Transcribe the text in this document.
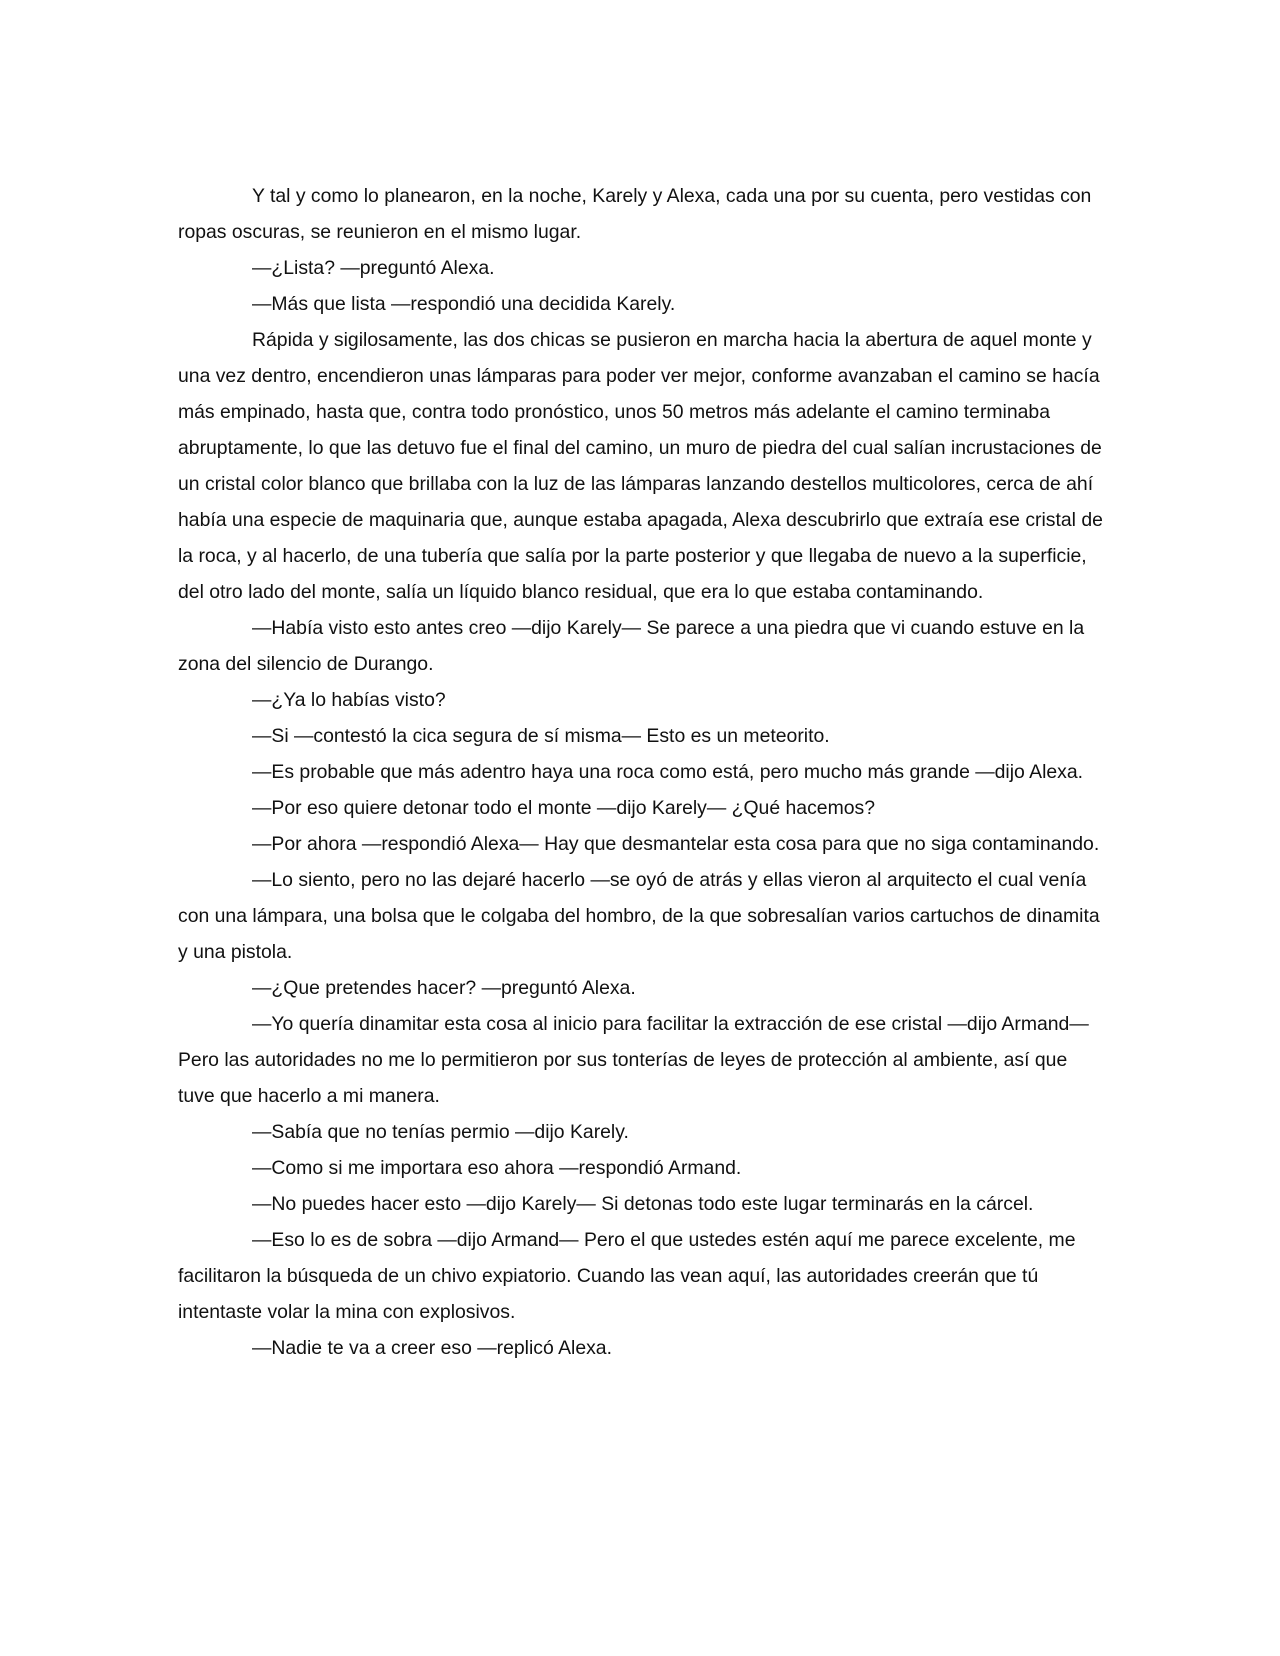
Y tal y como lo planearon, en la noche, Karely y Alexa, cada una por su cuenta, pero vestidas con ropas oscuras, se reunieron en el mismo lugar.

—¿Lista? —preguntó Alexa.

—Más que lista —respondió una decidida Karely.

Rápida y sigilosamente, las dos chicas se pusieron en marcha hacia la abertura de aquel monte y una vez dentro, encendieron unas lámparas para poder ver mejor, conforme avanzaban el camino se hacía más empinado, hasta que, contra todo pronóstico, unos 50 metros más adelante el camino terminaba abruptamente, lo que las detuvo fue el final del camino, un muro de piedra del cual salían incrustaciones de un cristal color blanco que brillaba con la luz de las lámparas lanzando destellos multicolores, cerca de ahí había una especie de maquinaria que, aunque estaba apagada, Alexa descubrirlo que extraía ese cristal de la roca, y al hacerlo, de una tubería que salía por la parte posterior y que llegaba de nuevo a la superficie, del otro lado del monte, salía un líquido blanco residual, que era lo que estaba contaminando.

—Había visto esto antes creo —dijo Karely— Se parece a una piedra que vi cuando estuve en la zona del silencio de Durango.

—¿Ya lo habías visto?

—Si —contestó la cica segura de sí misma— Esto es un meteorito.

—Es probable que más adentro haya una roca como está, pero mucho más grande —dijo Alexa.

—Por eso quiere detonar todo el monte —dijo Karely— ¿Qué hacemos?

—Por ahora —respondió Alexa— Hay que desmantelar esta cosa para que no siga contaminando.

—Lo siento, pero no las dejaré hacerlo —se oyó de atrás y ellas vieron al arquitecto el cual venía con una lámpara, una bolsa que le colgaba del hombro, de la que sobresalían varios cartuchos de dinamita y una pistola.

—¿Que pretendes hacer? —preguntó Alexa.

—Yo quería dinamitar esta cosa al inicio para facilitar la extracción de ese cristal —dijo Armand— Pero las autoridades no me lo permitieron por sus tonterías de leyes de protección al ambiente, así que tuve que hacerlo a mi manera.

—Sabía que no tenías permio —dijo Karely.

—Como si me importara eso ahora —respondió Armand.

—No puedes hacer esto —dijo Karely— Si detonas todo este lugar terminarás en la cárcel.

—Eso lo es de sobra —dijo Armand— Pero el que ustedes estén aquí me parece excelente, me facilitaron la búsqueda de un chivo expiatorio. Cuando las vean aquí, las autoridades creerán que tú intentaste volar la mina con explosivos.

—Nadie te va a creer eso —replicó Alexa.
